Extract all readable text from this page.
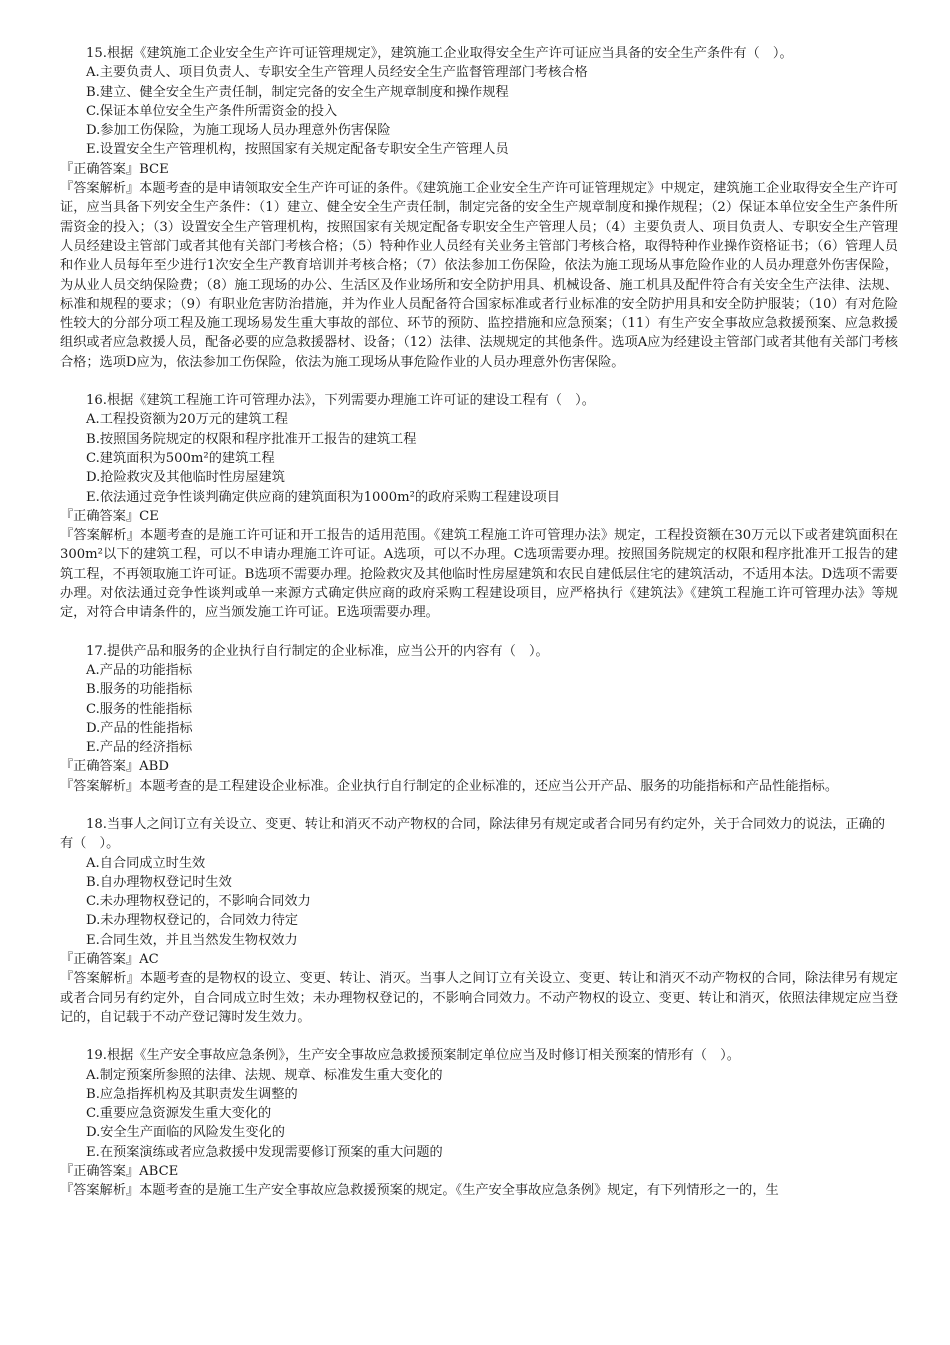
15.根据《建筑施工企业安全生产许可证管理规定》，建筑施工企业取得安全生产许可证应当具备的安全生产条件有（　）。

A.主要负责人、项目负责人、专职安全生产管理人员经安全生产监督管理部门考核合格

B.建立、健全安全生产责任制，制定完备的安全生产规章制度和操作规程

C.保证本单位安全生产条件所需资金的投入

D.参加工伤保险，为施工现场人员办理意外伤害保险

E.设置安全生产管理机构，按照国家有关规定配备专职安全生产管理人员

『正确答案』BCE

『答案解析』本题考查的是申请领取安全生产许可证的条件。《建筑施工企业安全生产许可证管理规定》中规定，建筑施工企业取得安全生产许可证，应当具备下列安全生产条件：（1）建立、健全安全生产责任制，制定完备的安全生产规章制度和操作规程；（2）保证本单位安全生产条件所需资金的投入；（3）设置安全生产管理机构，按照国家有关规定配备专职安全生产管理人员；（4）主要负责人、项目负责人、专职安全生产管理人员经建设主管部门或者其他有关部门考核合格；（5）特种作业人员经有关业务主管部门考核合格，取得特种作业操作资格证书；（6）管理人员和作业人员每年至少进行1次安全生产教育培训并考核合格；（7）依法参加工伤保险，依法为施工现场从事危险作业的人员办理意外伤害保险，为从业人员交纳保险费；（8）施工现场的办公、生活区及作业场所和安全防护用具、机械设备、施工机具及配件符合有关安全生产法律、法规、标准和规程的要求；（9）有职业危害防治措施，并为作业人员配备符合国家标准或者行业标准的安全防护用具和安全防护服装；（10）有对危险性较大的分部分项工程及施工现场易发生重大事故的部位、环节的预防、监控措施和应急预案；（11）有生产安全事故应急救援预案、应急救援组织或者应急救援人员，配备必要的应急救援器材、设备；（12）法律、法规规定的其他条件。选项A应为经建设主管部门或者其他有关部门考核合格；选项D应为，依法参加工伤保险，依法为施工现场从事危险作业的人员办理意外伤害保险。

16.根据《建筑工程施工许可管理办法》，下列需要办理施工许可证的建设工程有（　）。

A.工程投资额为20万元的建筑工程

B.按照国务院规定的权限和程序批准开工报告的建筑工程

C.建筑面积为500m²的建筑工程

D.抢险救灾及其他临时性房屋建筑

E.依法通过竞争性谈判确定供应商的建筑面积为1000m²的政府采购工程建设项目

『正确答案』CE

『答案解析』本题考查的是施工许可证和开工报告的适用范围。《建筑工程施工许可管理办法》规定，工程投资额在30万元以下或者建筑面积在300m²以下的建筑工程，可以不申请办理施工许可证。A选项，可以不办理。C选项需要办理。按照国务院规定的权限和程序批准开工报告的建筑工程，不再领取施工许可证。B选项不需要办理。抢险救灾及其他临时性房屋建筑和农民自建低层住宅的建筑活动，不适用本法。D选项不需要办理。对依法通过竞争性谈判或单一来源方式确定供应商的政府采购工程建设项目，应严格执行《建筑法》《建筑工程施工许可管理办法》等规定，对符合申请条件的，应当颁发施工许可证。E选项需要办理。

17.提供产品和服务的企业执行自行制定的企业标准，应当公开的内容有（　）。

A.产品的功能指标

B.服务的功能指标

C.服务的性能指标

D.产品的性能指标

E.产品的经济指标

『正确答案』ABD

『答案解析』本题考查的是工程建设企业标准。企业执行自行制定的企业标准的，还应当公开产品、服务的功能指标和产品性能指标。

18.当事人之间订立有关设立、变更、转让和消灭不动产物权的合同，除法律另有规定或者合同另有约定外，关于合同效力的说法，正确的有（　）。

A.自合同成立时生效

B.自办理物权登记时生效

C.未办理物权登记的，不影响合同效力

D.未办理物权登记的，合同效力待定

E.合同生效，并且当然发生物权效力

『正确答案』AC

『答案解析』本题考查的是物权的设立、变更、转让、消灭。当事人之间订立有关设立、变更、转让和消灭不动产物权的合同，除法律另有规定或者合同另有约定外，自合同成立时生效；未办理物权登记的，不影响合同效力。不动产物权的设立、变更、转让和消灭，依照法律规定应当登记的，自记载于不动产登记簿时发生效力。

19.根据《生产安全事故应急条例》，生产安全事故应急救援预案制定单位应当及时修订相关预案的情形有（　）。

A.制定预案所参照的法律、法规、规章、标准发生重大变化的

B.应急指挥机构及其职责发生调整的

C.重要应急资源发生重大变化的

D.安全生产面临的风险发生变化的

E.在预案演练或者应急救援中发现需要修订预案的重大问题的

『正确答案』ABCE

『答案解析』本题考查的是施工生产安全事故应急救援预案的规定。《生产安全事故应急条例》规定，有下列情形之一的，生
